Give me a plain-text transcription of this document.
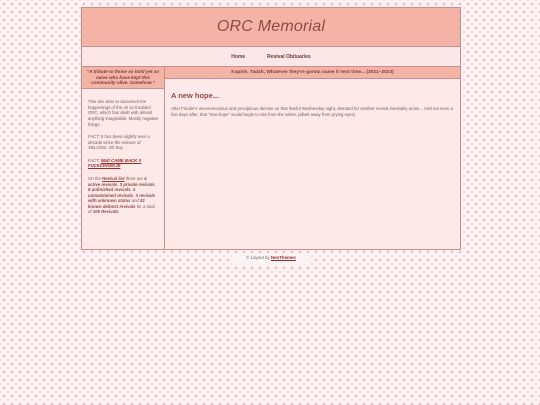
ORC Memorial
Home	Revival Obituaries
"A tribute to those so bold yet so naive who have kept this community alive. Somehow."

This site aims to document the happenings of the oh so troubled ORC, which has dealt with almost anything imaginable. Mostly negative things.

FACT: It has been slightly over a decade since the release of XBL/JOm. Oh boy.

FACT: Matt CAME BACK !! FUCKCKKEKJE

On the Revival list there are 4 active revivals, 3 private revivals, 8 unfinished revivals, 4 unmaintained revivals, 3 revivals with unknown status and 81 known defunct revivals for a total of 105 Revivals

Kapish, Tadah, Whatever they're gonna name it next time... (2021~2023)
A new hope...
After Finobe's unceremonious and precipitous demise on that fateful Wednesday night, demand for another revival inevitably arose... And not even a few days after, that "new hope" would begin to rise from the ashes (albeit away from prying eyes)
© Layout by NeoThemes
